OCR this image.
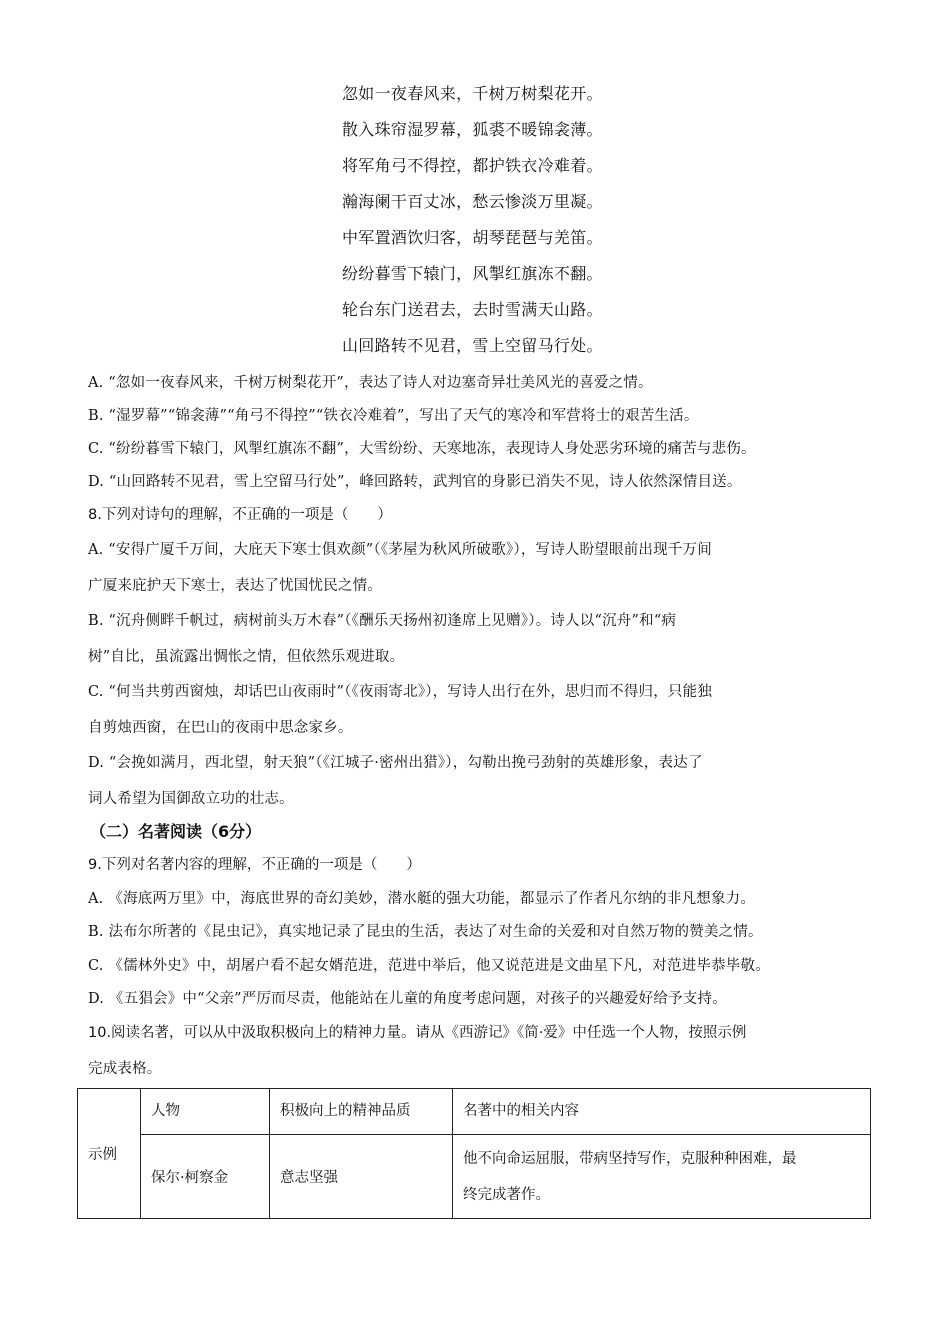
忽如一夜春风来，千树万树梨花开。
散入珠帘湿罗幕，狐裘不暖锦衾薄。
将军角弓不得控，都护铁衣冷难着。
瀚海阑干百丈冰，愁云惨淡万里凝。
中军置酒饮归客，胡琴琵琶与羌笛。
纷纷暮雪下辕门，风掣红旗冻不翻。
轮台东门送君去，去时雪满天山路。
山回路转不见君，雪上空留马行处。
A. “忽如一夜春风来，千树万树梨花开”，表达了诗人对边塞奇异壮美风光的喜爱之情。
B. “湿罗幕”“锦衾薄”“角弓不得控”“铁衣冷难着”，写出了天气的寒冷和军营将士的艰苦生活。
C. “纷纷暮雪下辕门，风掣红旗冻不翻”，大雪纷纷、天寒地冻，表现诗人身处恶劣环境的痛苦与悲伤。
D. “山回路转不见君，雪上空留马行处”，峰回路转，武判官的身影已消失不见，诗人依然深情目送。
8.下列对诗句的理解，不正确的一项是（　　）
A. “安得广厦千万间，大庇天下寒士俱欢颜”（《茅屋为秋风所破歌》），写诗人盼望眼前出现千万间
广厦来庇护天下寒士，表达了忧国忧民之情。
B. “沉舟侧畔千帆过，病树前头万木春”（《酬乐天扬州初逢席上见赠》）。诗人以“沉舟”和“病
树”自比，虽流露出惆怅之情，但依然乐观进取。
C. “何当共剪西窗烛，却话巴山夜雨时”（《夜雨寄北》），写诗人出行在外，思归而不得归，只能独
自剪烛西窗，在巴山的夜雨中思念家乡。
D. “会挽如满月，西北望，射天狼”（《江城子·密州出猎》），勾勒出挽弓劲射的英雄形象，表达了
词人希望为国御敌立功的壮志。
（二）名著阅读（6分）
9.下列对名著内容的理解，不正确的一项是（　　）
A. 《海底两万里》中，海底世界的奇幻美妙，潜水艇的强大功能，都显示了作者凡尔纳的非凡想象力。
B. 法布尔所著的《昆虫记》，真实地记录了昆虫的生活，表达了对生命的关爱和对自然万物的赞美之情。
C. 《儒林外史》中，胡屠户看不起女婿范进，范进中举后，他又说范进是文曲星下凡，对范进毕恭毕敬。
D. 《五猖会》中“父亲”严厉而尽责，他能站在儿童的角度考虑问题，对孩子的兴趣爱好给予支持。
10.阅读名著，可以从中汲取积极向上的精神力量。请从《西游记》《简·爱》中任选一个人物，按照示例
完成表格。
示例	人物	积极向上的精神品质	名著中的相关内容
	保尔·柯察金	意志坚强	他不向命运屈服，带病坚持写作，克服种种困难，最
终完成著作。
